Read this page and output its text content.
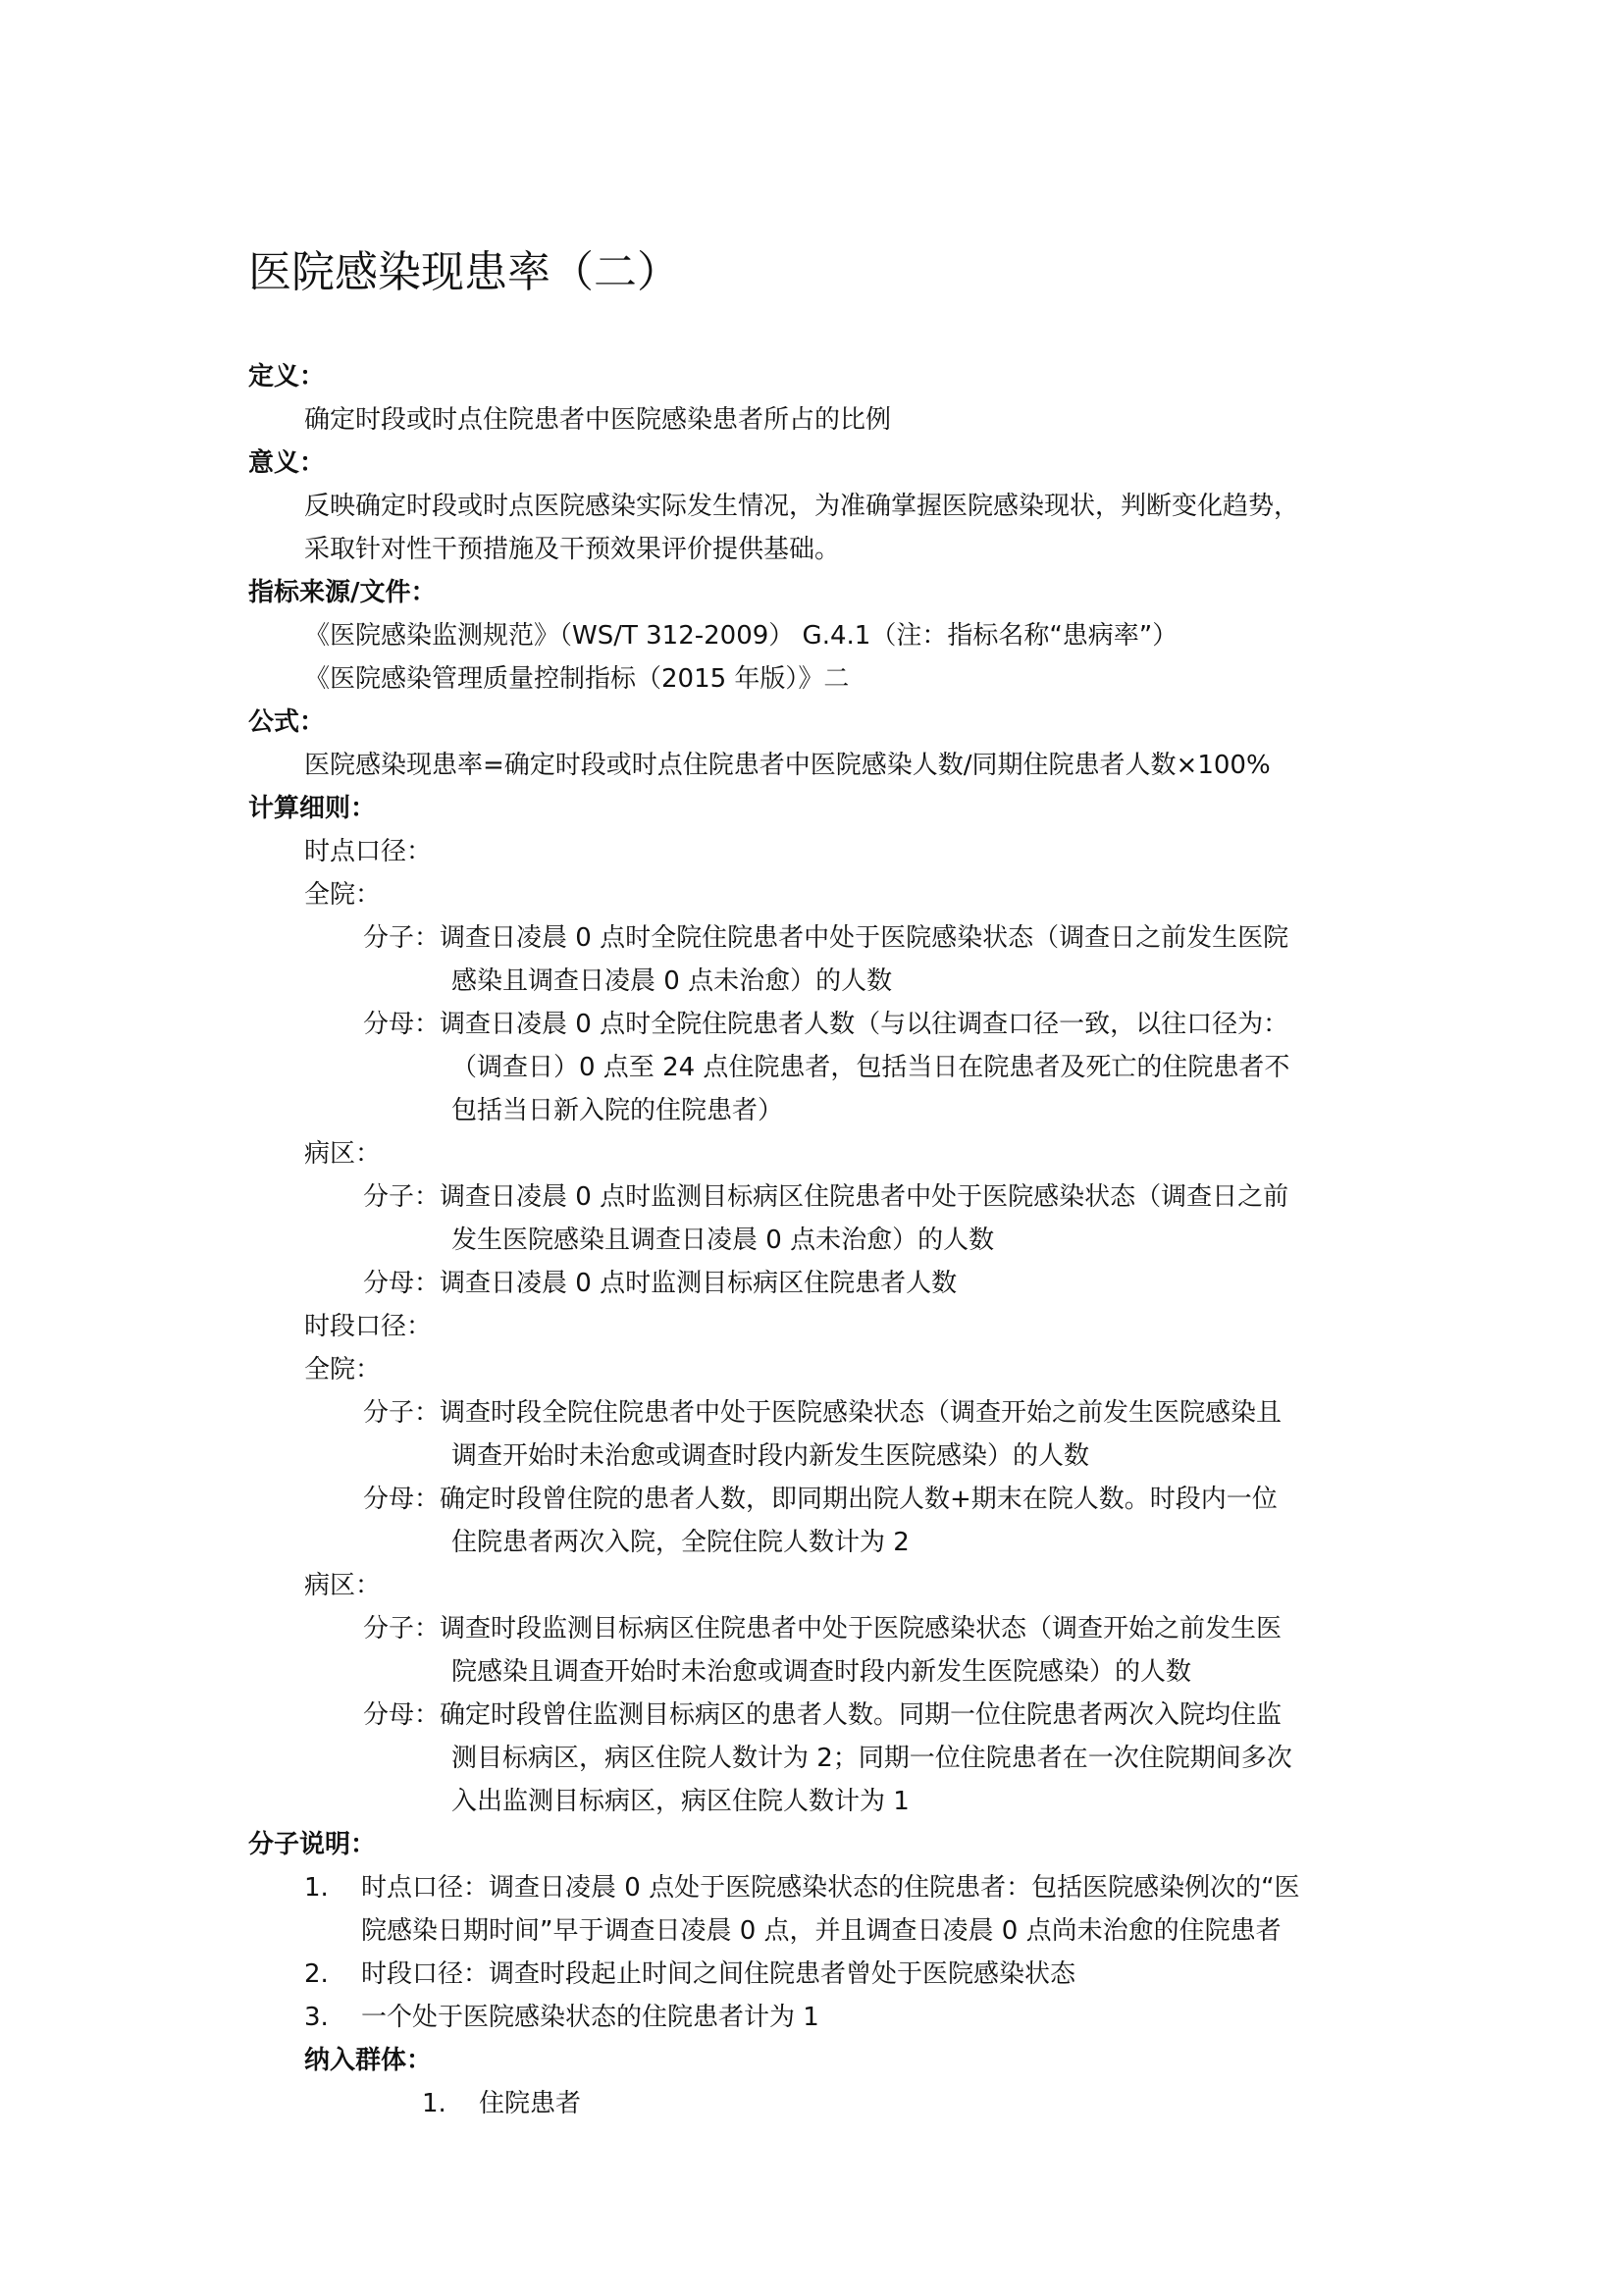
医院感染现患率（二）
定义：
确定时段或时点住院患者中医院感染患者所占的比例
意义：
反映确定时段或时点医院感染实际发生情况，为准确掌握医院感染现状，判断变化趋势，
采取针对性干预措施及干预效果评价提供基础。
指标来源/文件：
《医院感染监测规范》（WS/T 312-2009） G.4.1（注：指标名称“患病率”）
《医院感染管理质量控制指标（2015 年版）》二
公式：
医院感染现患率=确定时段或时点住院患者中医院感染人数/同期住院患者人数×100%
计算细则：
时点口径：
全院：
分子：调查日凌晨 0 点时全院住院患者中处于医院感染状态（调查日之前发生医院
感染且调查日凌晨 0 点未治愈）的人数
分母：调查日凌晨 0 点时全院住院患者人数（与以往调查口径一致，以往口径为：
（调查日）0 点至 24 点住院患者，包括当日在院患者及死亡的住院患者不
包括当日新入院的住院患者）
病区：
分子：调查日凌晨 0 点时监测目标病区住院患者中处于医院感染状态（调查日之前
发生医院感染且调查日凌晨 0 点未治愈）的人数
分母：调查日凌晨 0 点时监测目标病区住院患者人数
时段口径：
全院：
分子：调查时段全院住院患者中处于医院感染状态（调查开始之前发生医院感染且
调查开始时未治愈或调查时段内新发生医院感染）的人数
分母：确定时段曾住院的患者人数，即同期出院人数+期末在院人数。时段内一位
住院患者两次入院，全院住院人数计为 2
病区：
分子：调查时段监测目标病区住院患者中处于医院感染状态（调查开始之前发生医
院感染且调查开始时未治愈或调查时段内新发生医院感染）的人数
分母：确定时段曾住监测目标病区的患者人数。同期一位住院患者两次入院均住监
测目标病区，病区住院人数计为 2；同期一位住院患者在一次住院期间多次
入出监测目标病区，病区住院人数计为 1
分子说明：
1. 时点口径：调查日凌晨 0 点处于医院感染状态的住院患者：包括医院感染例次的“医
院感染日期时间”早于调查日凌晨 0 点，并且调查日凌晨 0 点尚未治愈的住院患者
2. 时段口径：调查时段起止时间之间住院患者曾处于医院感染状态
3. 一个处于医院感染状态的住院患者计为 1
纳入群体：
1. 住院患者
